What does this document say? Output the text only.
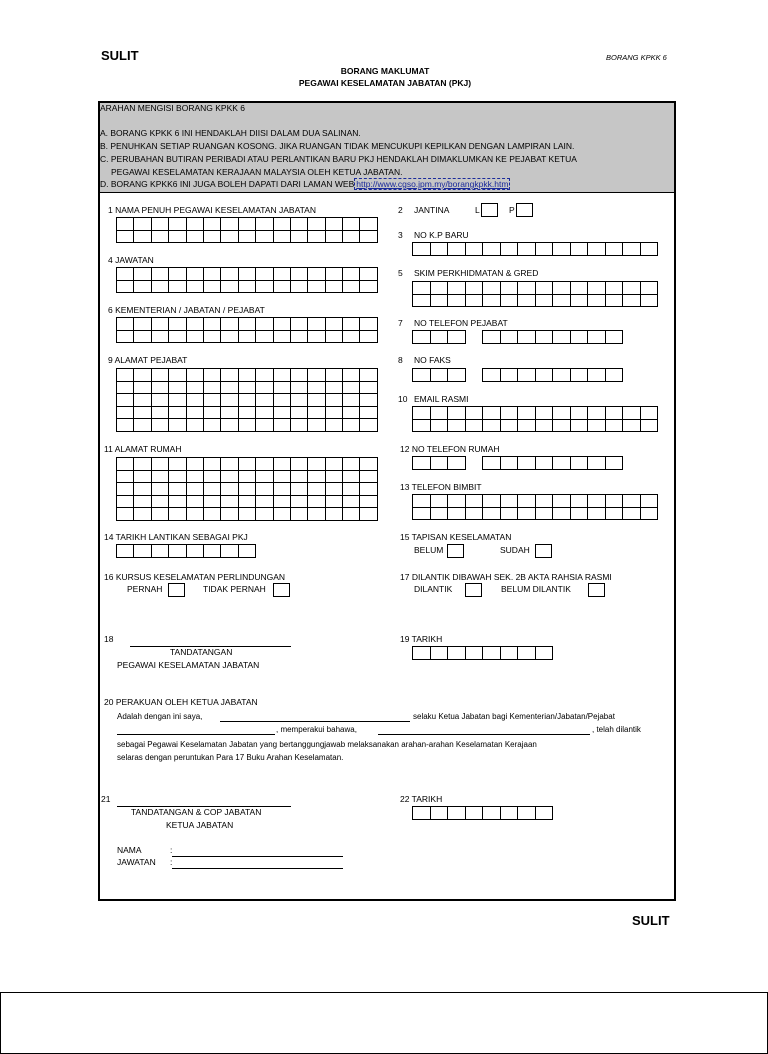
SULIT	BORANG KPKK 6
BORANG MAKLUMAT
PEGAWAI KESELAMATAN JABATAN (PKJ)
ARAHAN MENGISI BORANG KPKK 6
A. BORANG KPKK 6 INI HENDAKLAH DIISI DALAM DUA SALINAN.
B. PENUHKAN SETIAP RUANGAN KOSONG. JIKA RUANGAN TIDAK MENCUKUPI KEPILKAN DENGAN LAMPIRAN LAIN.
C. PERUBAHAN BUTIRAN PERIBADI ATAU PERLANTIKAN BARU PKJ HENDAKLAH DIMAKLUMKAN KE PEJABAT KETUA
PEGAWAI KESELAMATAN KERAJAAN MALAYSIA OLEH KETUA JABATAN.
D. BORANG KPKK6 INI JUGA BOLEH DAPATI DARI LAMAN WEB http://www.cgso.jpm.my/borangkpkk.htm
1 NAMA PENUH PEGAWAI KESELAMATAN JABATAN
4 JAWATAN
6 KEMENTERIAN / JABATAN / PEJABAT
9 ALAMAT PEJABAT
11 ALAMAT RUMAH
14 TARIKH LANTIKAN SEBAGAI PKJ
16 KURSUS KESELAMATAN PERLINDUNGAN
PERNAH	TIDAK PERNAH
2 JANTINA	L	P
3 NO K.P BARU
5 SKIM PERKHIDMATAN & GRED
7 NO TELEFON PEJABAT
8 NO FAKS
10 EMAIL RASMI
12 NO TELEFON RUMAH
13 TELEFON BIMBIT
15 TAPISAN KESELAMATAN
BELUM	SUDAH
17 DILANTIK DIBAWAH SEK. 2B AKTA RAHSIA RASMI
DILANTIK	BELUM DILANTIK
18
TANDATANGAN
PEGAWAI KESELAMATAN JABATAN
19 TARIKH
20 PERAKUAN OLEH KETUA JABATAN
Adalah dengan ini saya,	selaku Ketua Jabatan bagi Kementerian/Jabatan/Pejabat
, memperakui bahawa,	, telah dilantik
sebagai Pegawai Keselamatan Jabatan yang bertanggungjawab melaksanakan arahan-arahan Keselamatan Kerajaan
selaras dengan peruntukan Para 17 Buku Arahan Keselamatan.
21
TANDATANGAN & COP JABATAN
KETUA JABATAN
NAMA	:
JAWATAN :
22 TARIKH
SULIT
